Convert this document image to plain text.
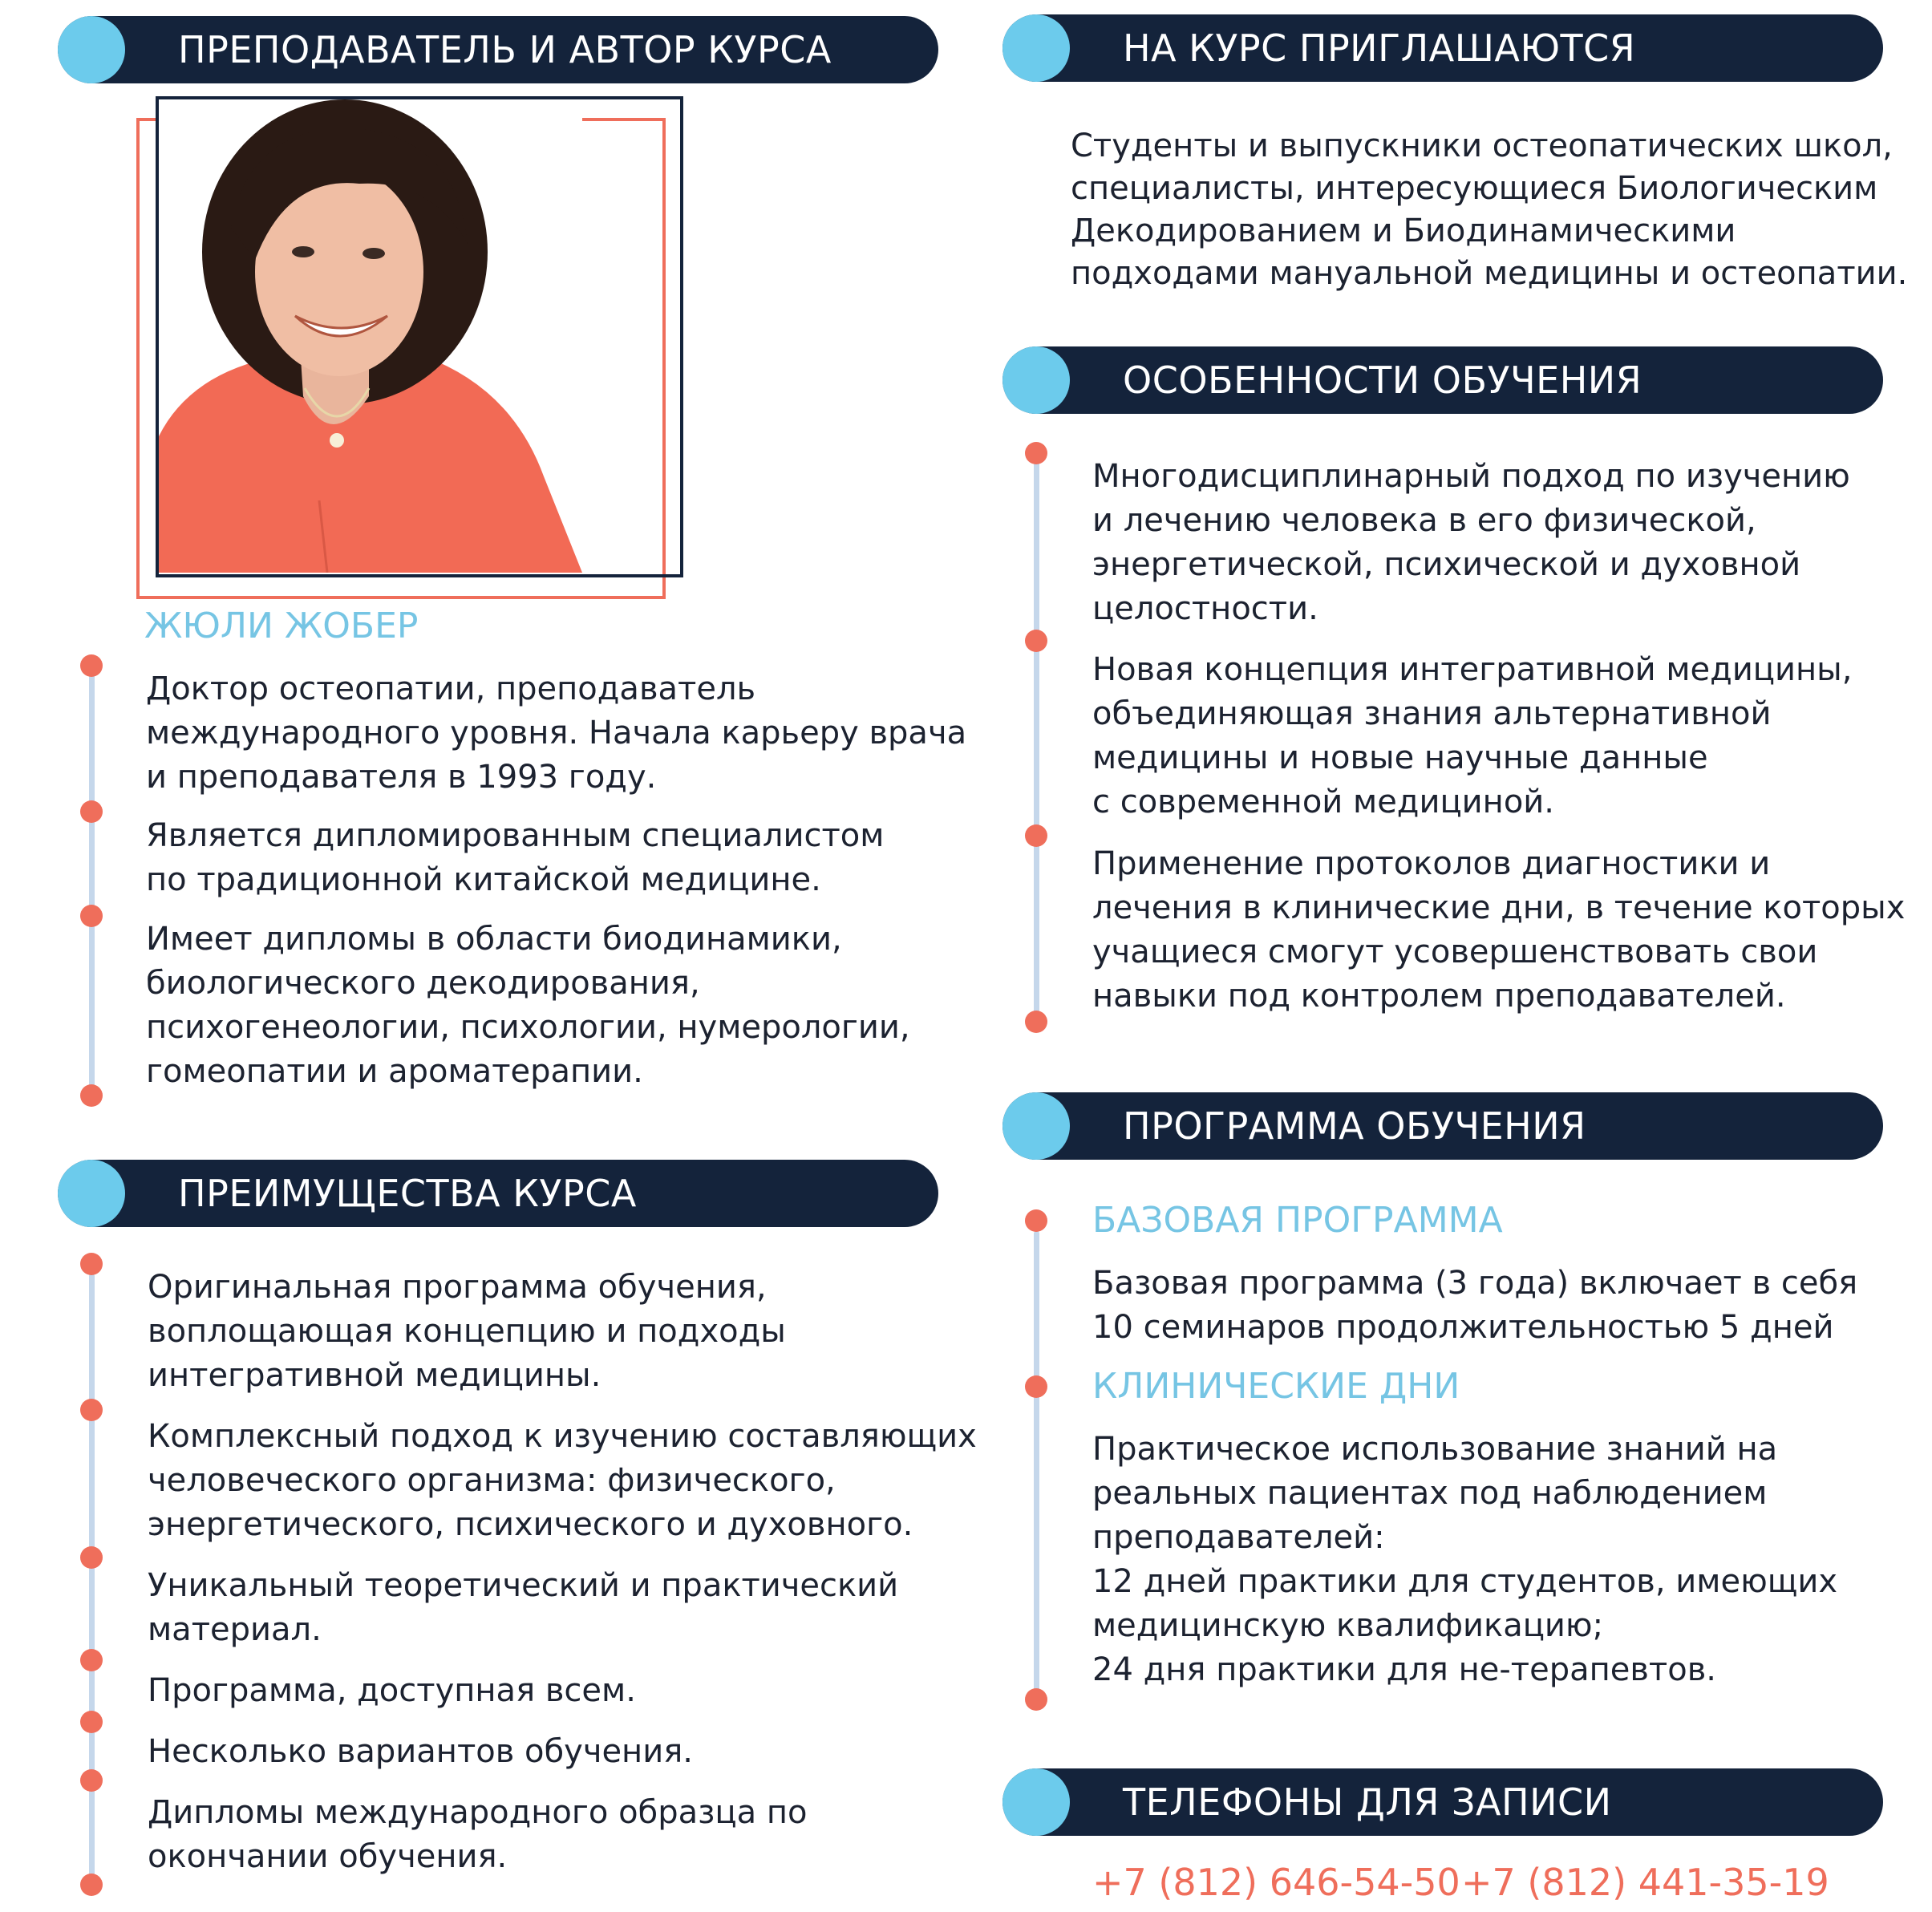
ПРЕПОДАВАТЕЛЬ И АВТОР КУРСА
ЖЮЛИ ЖОБЕР
Доктор остеопатии, преподаватель
международного уровня. Начала карьеру врача
и преподавателя в 1993 году.
Является дипломированным специалистом
по традиционной китайской медицине.
Имеет дипломы в области биодинамики,
биологического декодирования,
психогенеологии, психологии, нумерологии,
гомеопатии и ароматерапии.
ПРЕИМУЩЕСТВА КУРСА
Оригинальная программа обучения,
воплощающая концепцию и подходы
интегративной медицины.
Комплексный подход к изучению составляющих
человеческого организма: физического,
энергетического, психического и духовного.
Уникальный теоретический и практический
материал.
Программа, доступная всем.
Несколько вариантов обучения.
Дипломы международного образца по
окончании обучения.
НА КУРС ПРИГЛАШАЮТСЯ
Студенты и выпускники остеопатических школ,
специалисты, интересующиеся Биологическим
Декодированием и Биодинамическими
подходами мануальной медицины и остеопатии.
ОСОБЕННОСТИ ОБУЧЕНИЯ
Многодисциплинарный подход по изучению
и лечению человека в его физической,
энергетической, психической и духовной
целостности.
Новая концепция интегративной медицины,
объединяющая знания альтернативной
медицины и новые научные данные
с современной медициной.
Применение протоколов диагностики и
лечения в клинические дни, в течение которых
учащиеся смогут усовершенствовать свои
навыки под контролем преподавателей.
ПРОГРАММА ОБУЧЕНИЯ
БАЗОВАЯ ПРОГРАММА
Базовая программа (3 года) включает в себя
10 семинаров продолжительностью 5 дней
КЛИНИЧЕСКИЕ ДНИ
Практическое использование знаний на
реальных пациентах под наблюдением
преподавателей:
12 дней практики для студентов, имеющих
медицинскую квалификацию;
24 дня практики для не-терапевтов.
ТЕЛЕФОНЫ ДЛЯ ЗАПИСИ
+7 (812) 646-54-50 +7 (812) 441-35-19
